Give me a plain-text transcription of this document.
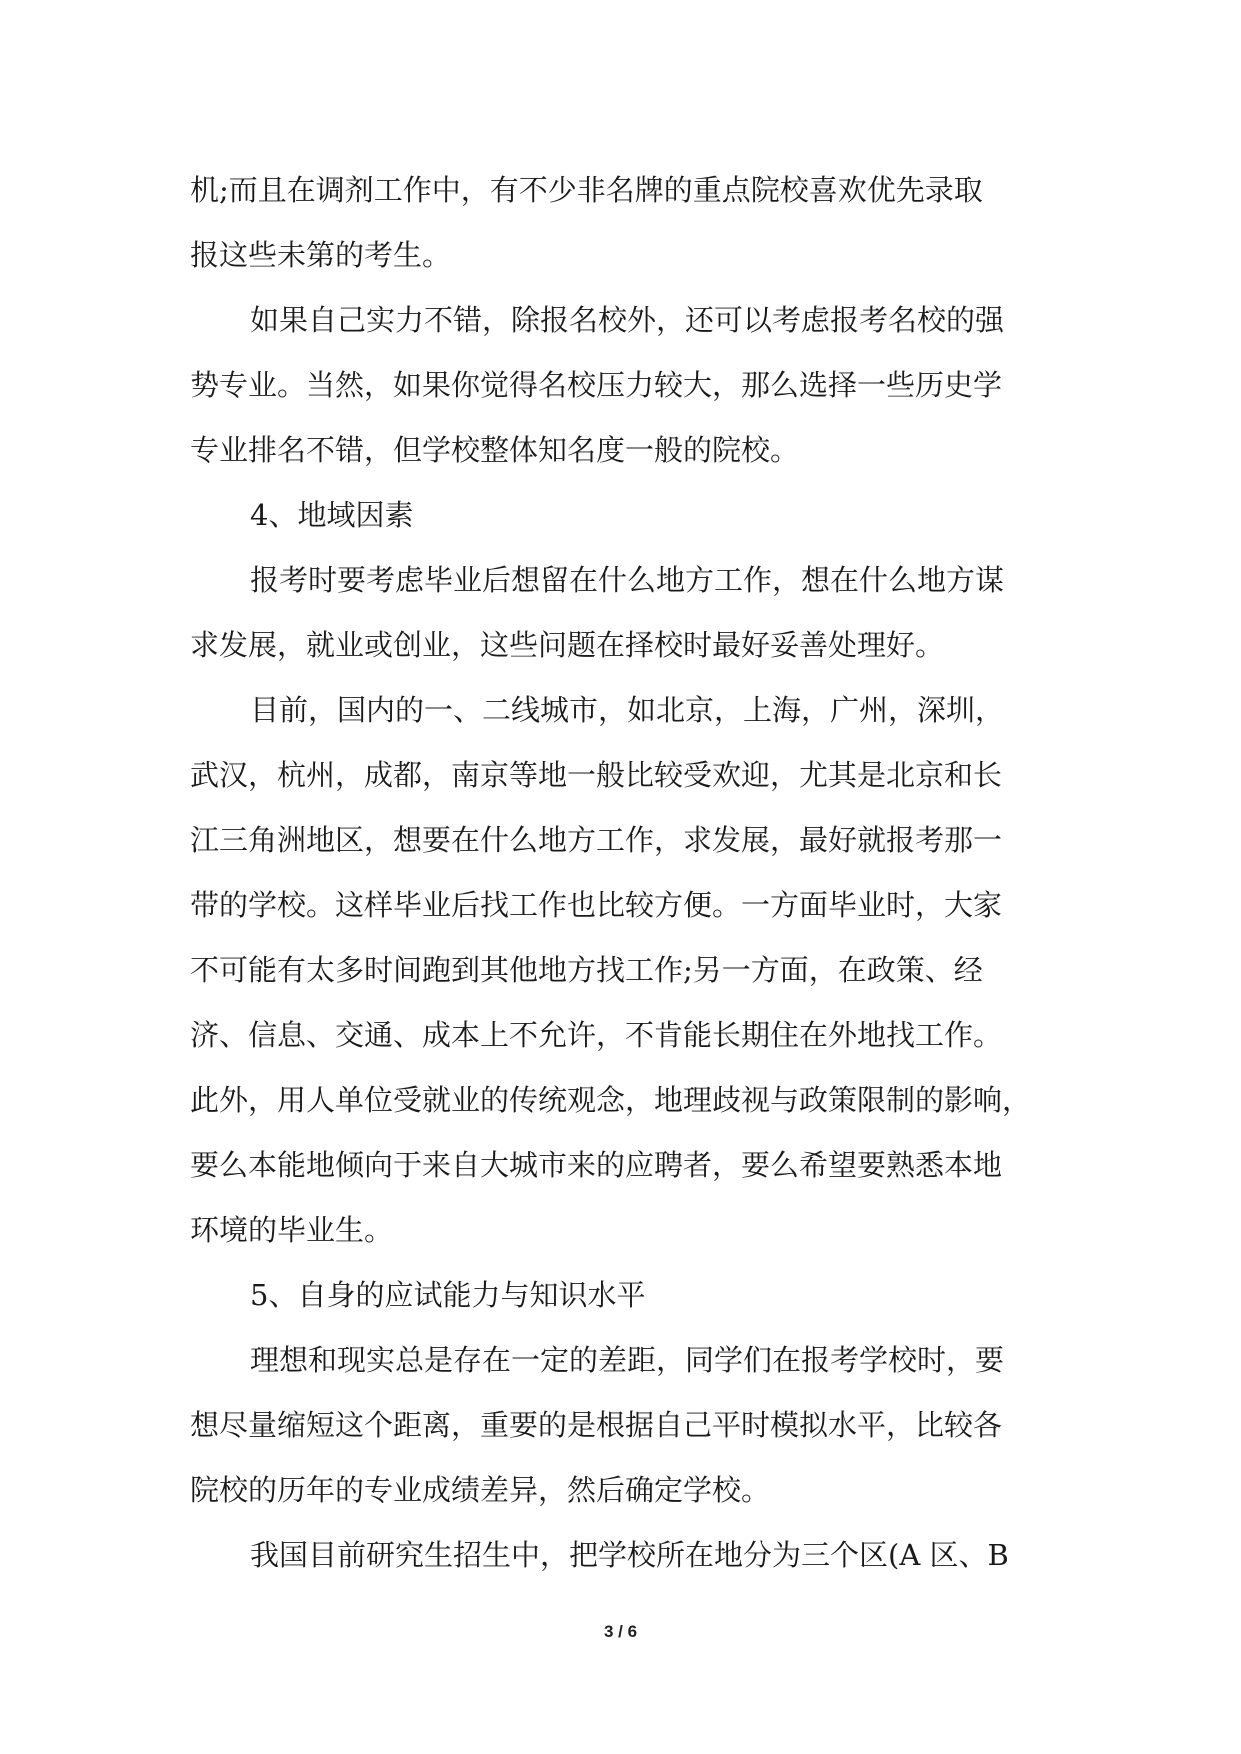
机;而且在调剂工作中，有不少非名牌的重点院校喜欢优先录取
报这些未第的考生。
如果自己实力不错，除报名校外，还可以考虑报考名校的强
势专业。当然，如果你觉得名校压力较大，那么选择一些历史学
专业排名不错，但学校整体知名度一般的院校。
4、地域因素
报考时要考虑毕业后想留在什么地方工作，想在什么地方谋
求发展，就业或创业，这些问题在择校时最好妥善处理好。
目前，国内的一、二线城市，如北京，上海，广州，深圳，
武汉，杭州，成都，南京等地一般比较受欢迎，尤其是北京和长
江三角洲地区，想要在什么地方工作，求发展，最好就报考那一
带的学校。这样毕业后找工作也比较方便。一方面毕业时，大家
不可能有太多时间跑到其他地方找工作;另一方面，在政策、经
济、信息、交通、成本上不允许，不肯能长期住在外地找工作。
此外，用人单位受就业的传统观念，地理歧视与政策限制的影响，
要么本能地倾向于来自大城市来的应聘者，要么希望要熟悉本地
环境的毕业生。
5、自身的应试能力与知识水平
理想和现实总是存在一定的差距，同学们在报考学校时，要
想尽量缩短这个距离，重要的是根据自己平时模拟水平，比较各
院校的历年的专业成绩差异，然后确定学校。
我国目前研究生招生中，把学校所在地分为三个区(A 区、B
3 / 6
